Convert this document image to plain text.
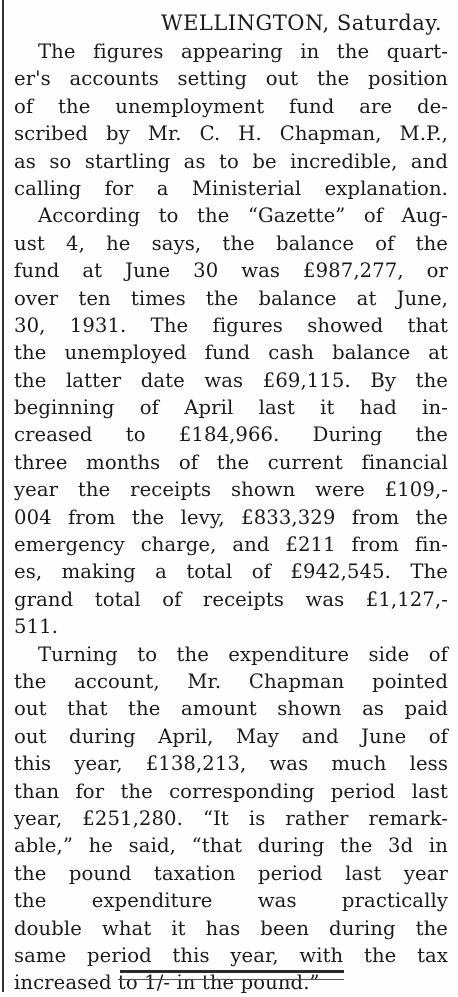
WELLINGTON, Saturday.

The figures appearing in the quart-
er's accounts setting out the position
of the unemployment fund are de-
scribed by Mr. C. H. Chapman, M.P.,
as so startling as to be incredible, and
calling for a Ministerial explanation.

According to the “Gazette” of Aug-
ust 4, he says, the balance of the
fund at June 30 was £987,277, or
over ten times the balance at June,
30, 1931. The figures showed that
the unemployed fund cash balance at
the latter date was £69,115. By the
beginning of April last it had in-
creased to £184,966. During the
three months of the current financial
year the receipts shown were £109,-
004 from the levy, £833,329 from the
emergency charge, and £211 from fin-
es, making a total of £942,545. The
grand total of receipts was £1,127,-
511.

Turning to the expenditure side of
the account, Mr. Chapman pointed
out that the amount shown as paid
out during April, May and June of
this year, £138,213, was much less
than for the corresponding period last
year, £251,280. “It is rather remark-
able,” he said, “that during the 3d in
the pound taxation period last year
the expenditure was practically
double what it has been during the
same period this year, with the tax
increased to 1/- in the pound.”
